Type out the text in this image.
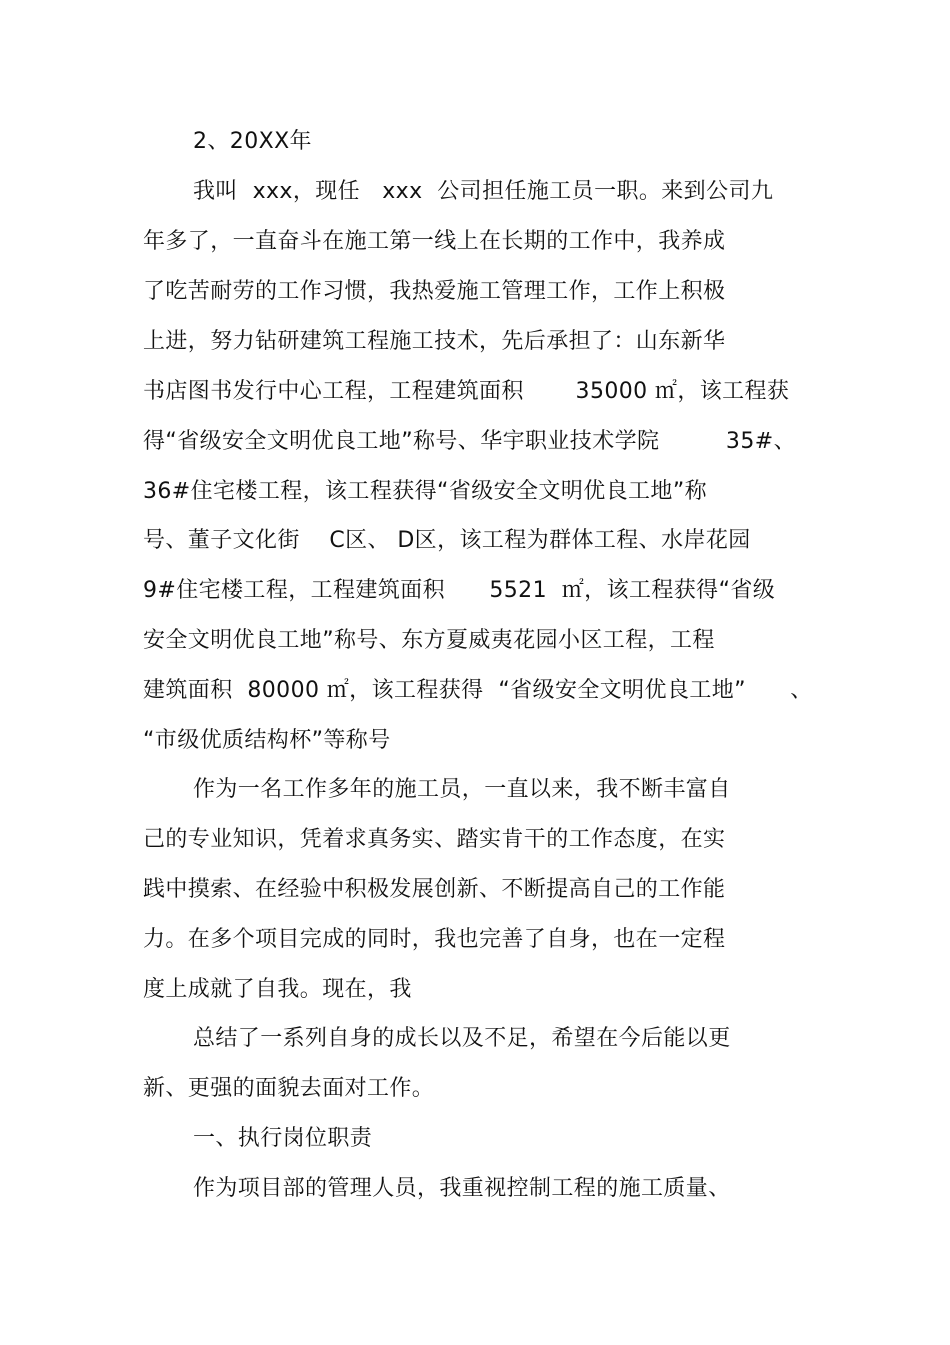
2、20XX年
我叫  xxx，现任   xxx  公司担任施工员一职。来到公司九
年多了，一直奋斗在施工第一线上在长期的工作中，我养成
了吃苦耐劳的工作习惯，我热爱施工管理工作，工作上积极
上进，努力钻研建筑工程施工技术，先后承担了：山东新华
书店图书发行中心工程，工程建筑面积       35000 ㎡，该工程获
得“省级安全文明优良工地”称号、华宇职业技术学院         35#、
36#住宅楼工程，该工程获得“省级安全文明优良工地”称
号、董子文化街    C区、 D区，该工程为群体工程、水岸花园
9#住宅楼工程，工程建筑面积      5521  ㎡，该工程获得“省级
安全文明优良工地”称号、东方夏威夷花园小区工程，工程
建筑面积  80000 ㎡，该工程获得  “省级安全文明优良工地”      、
“市级优质结构杯”等称号
作为一名工作多年的施工员，一直以来，我不断丰富自
己的专业知识，凭着求真务实、踏实肯干的工作态度，在实
践中摸索、在经验中积极发展创新、不断提高自己的工作能
力。在多个项目完成的同时，我也完善了自身，也在一定程
度上成就了自我。现在，我
总结了一系列自身的成长以及不足，希望在今后能以更
新、更强的面貌去面对工作。
一、执行岗位职责
作为项目部的管理人员，我重视控制工程的施工质量、
